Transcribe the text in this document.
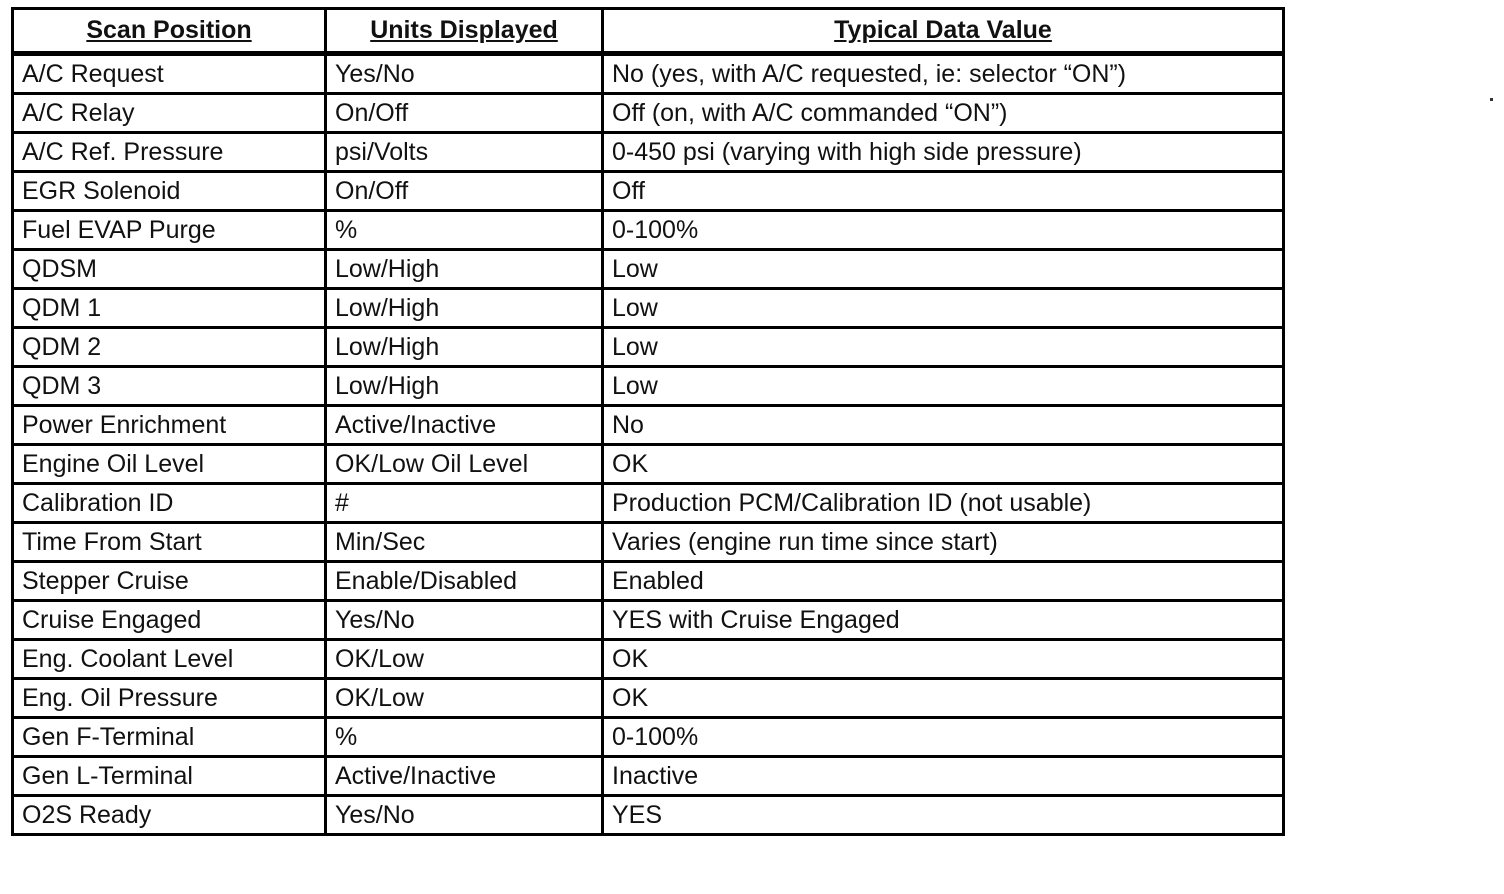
Scan Position	Units Displayed	Typical Data Value
A/C Request	Yes/No	No (yes, with A/C requested, ie: selector “ON”)
A/C Relay	On/Off	Off (on, with A/C commanded “ON”)
A/C Ref. Pressure	psi/Volts	0-450 psi (varying with high side pressure)
EGR Solenoid	On/Off	Off
Fuel EVAP Purge	%	0-100%
QDSM	Low/High	Low
QDM 1	Low/High	Low
QDM 2	Low/High	Low
QDM 3	Low/High	Low
Power Enrichment	Active/Inactive	No
Engine Oil Level	OK/Low Oil Level	OK
Calibration ID	#	Production PCM/Calibration ID (not usable)
Time From Start	Min/Sec	Varies (engine run time since start)
Stepper Cruise	Enable/Disabled	Enabled
Cruise Engaged	Yes/No	YES with Cruise Engaged
Eng. Coolant Level	OK/Low	OK
Eng. Oil Pressure	OK/Low	OK
Gen F-Terminal	%	0-100%
Gen L-Terminal	Active/Inactive	Inactive
O2S Ready	Yes/No	YES
